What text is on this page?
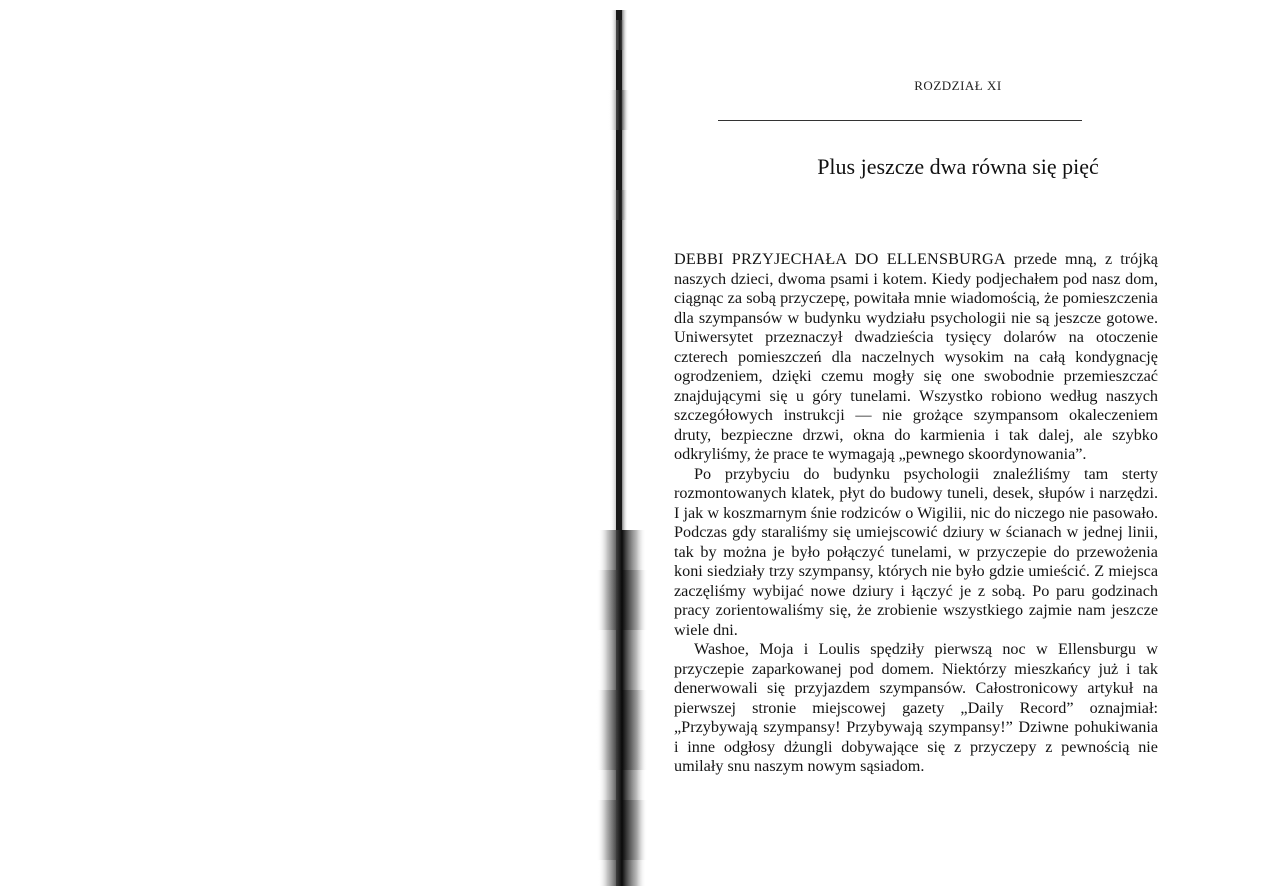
ROZDZIAŁ XI
Plus jeszcze dwa równa się pięć

DEBBI PRZYJECHAŁA DO ELLENSBURGA przede mną, z trójką naszych dzieci, dwoma psami i kotem. Kiedy podjechałem pod nasz dom, ciągnąc za sobą przyczepę, powitała mnie wiadomością, że pomieszczenia dla szympansów w budynku wydziału psychologii nie są jeszcze gotowe. Uniwersytet przeznaczył dwadzieścia tysięcy dolarów na otoczenie czterech pomieszczeń dla naczelnych wysokim na całą kondygnację ogrodzeniem, dzięki czemu mogły się one swobodnie przemieszczać znajdującymi się u góry tunelami. Wszystko robiono według naszych szczegółowych instrukcji — nie grożące szympansom okaleczeniem druty, bezpieczne drzwi, okna do karmienia i tak dalej, ale szybko odkryliśmy, że prace te wymagają „pewnego skoordynowania”.

Po przybyciu do budynku psychologii znaleźliśmy tam sterty rozmontowanych klatek, płyt do budowy tuneli, desek, słupów i narzędzi. I jak w koszmarnym śnie rodziców o Wigilii, nic do niczego nie pasowało. Podczas gdy staraliśmy się umiejscowić dziury w ścianach w jednej linii, tak by można je było połączyć tunelami, w przyczepie do przewożenia koni siedziały trzy szympansy, których nie było gdzie umieścić. Z miejsca zaczęliśmy wybijać nowe dziury i łączyć je z sobą. Po paru godzinach pracy zorientowaliśmy się, że zrobienie wszystkiego zajmie nam jeszcze wiele dni.

Washoe, Moja i Loulis spędziły pierwszą noc w Ellensburgu w przyczepie zaparkowanej pod domem. Niektórzy mieszkańcy już i tak denerwowali się przyjazdem szympansów. Całostronicowy artykuł na pierwszej stronie miejscowej gazety „Daily Record” oznajmiał: „Przybywają szympansy! Przybywają szympansy!” Dziwne pohukiwania i inne odgłosy dżungli dobywające się z przyczepy z pewnością nie umilały snu naszym nowym sąsiadom.
